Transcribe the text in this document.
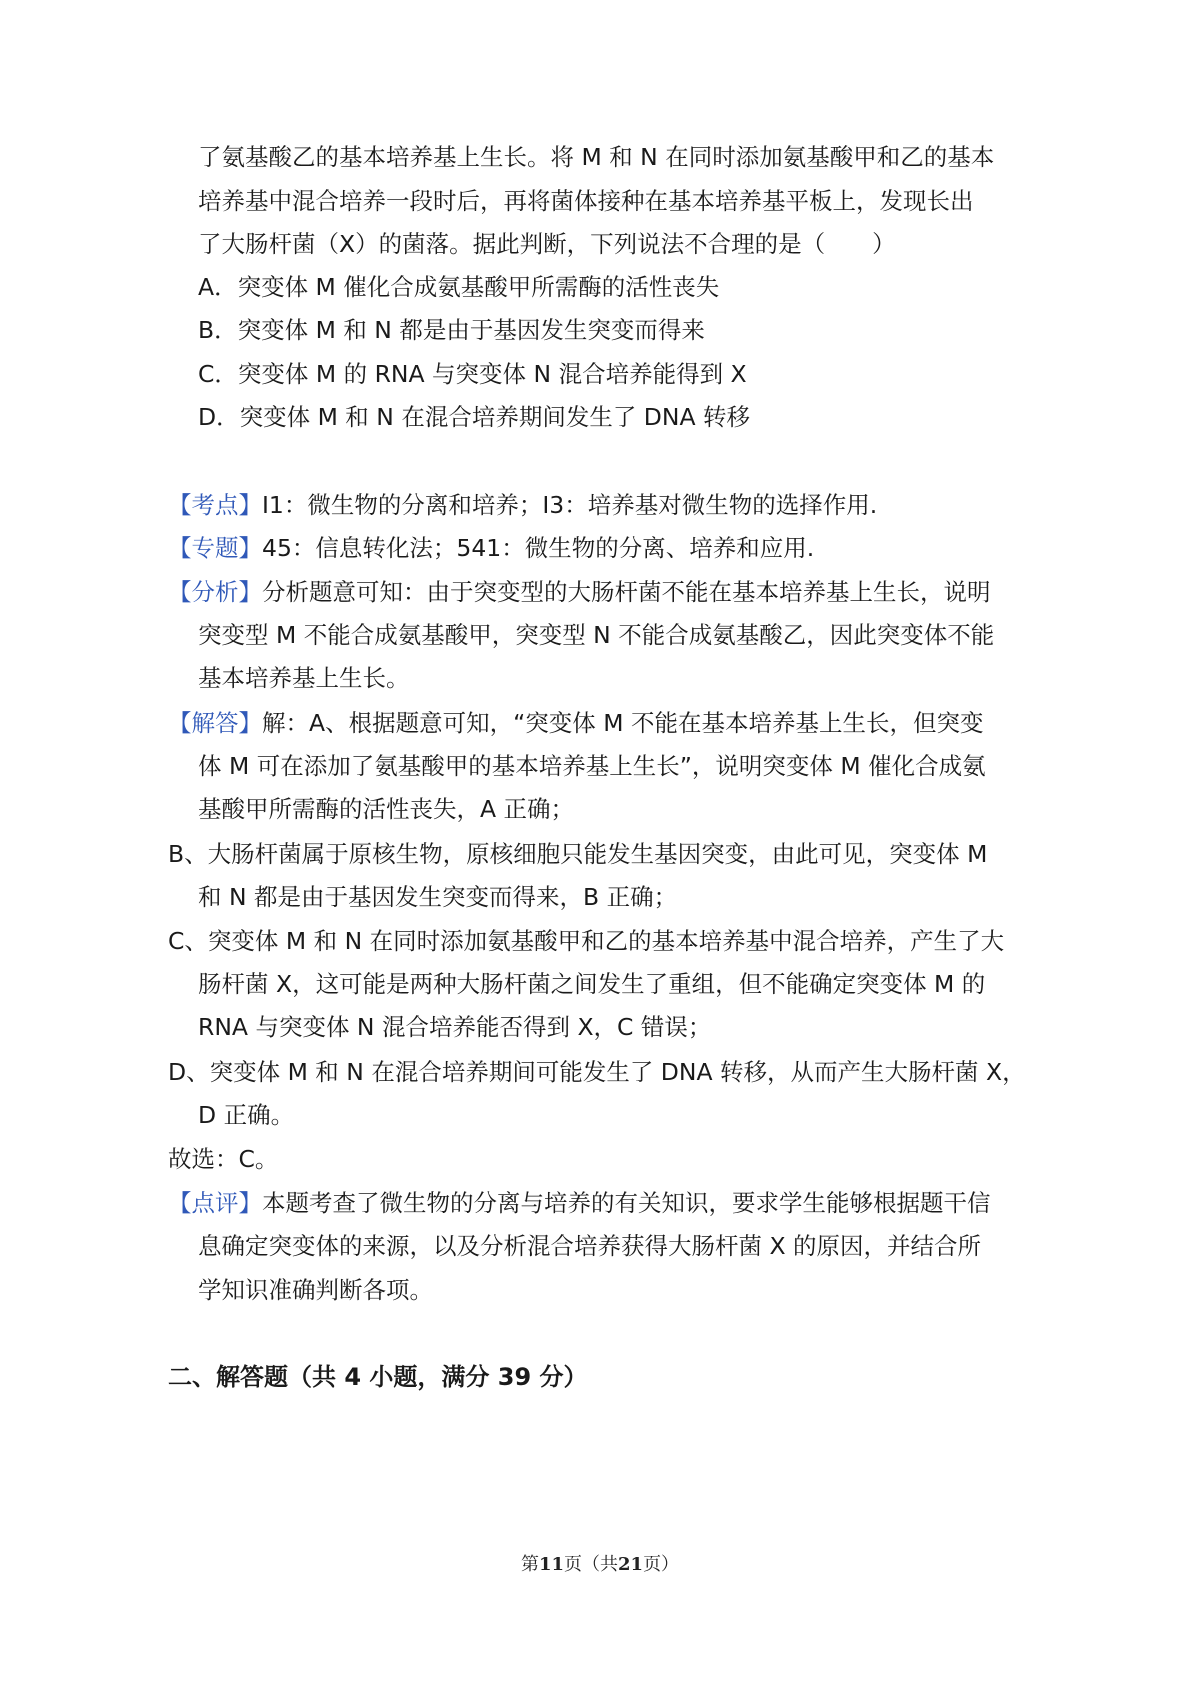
了氨基酸乙的基本培养基上生长。将 M 和 N 在同时添加氨基酸甲和乙的基本
培养基中混合培养一段时后，再将菌体接种在基本培养基平板上，发现长出
了大肠杆菌（X）的菌落。据此判断，下列说法不合理的是（　　）
A．突变体 M 催化合成氨基酸甲所需酶的活性丧失
B．突变体 M 和 N 都是由于基因发生突变而得来
C．突变体 M 的 RNA 与突变体 N 混合培养能得到 X
D．突变体 M 和 N 在混合培养期间发生了 DNA 转移
【考点】I1：微生物的分离和培养；I3：培养基对微生物的选择作用.
【专题】45：信息转化法；541：微生物的分离、培养和应用.
【分析】分析题意可知：由于突变型的大肠杆菌不能在基本培养基上生长，说明
突变型 M 不能合成氨基酸甲，突变型 N 不能合成氨基酸乙，因此突变体不能
基本培养基上生长。
【解答】解：A、根据题意可知，“突变体 M 不能在基本培养基上生长，但突变
体 M 可在添加了氨基酸甲的基本培养基上生长”，说明突变体 M 催化合成氨
基酸甲所需酶的活性丧失，A 正确；
B、大肠杆菌属于原核生物，原核细胞只能发生基因突变，由此可见，突变体 M
和 N 都是由于基因发生突变而得来，B 正确；
C、突变体 M 和 N 在同时添加氨基酸甲和乙的基本培养基中混合培养，产生了大
肠杆菌 X，这可能是两种大肠杆菌之间发生了重组，但不能确定突变体 M 的
RNA 与突变体 N 混合培养能否得到 X，C 错误；
D、突变体 M 和 N 在混合培养期间可能发生了 DNA 转移，从而产生大肠杆菌 X，
D 正确。
故选：C。
【点评】本题考查了微生物的分离与培养的有关知识，要求学生能够根据题干信
息确定突变体的来源，以及分析混合培养获得大肠杆菌 X 的原因，并结合所
学知识准确判断各项。
二、解答题（共 4 小题，满分 39 分）
第11页（共21页）
